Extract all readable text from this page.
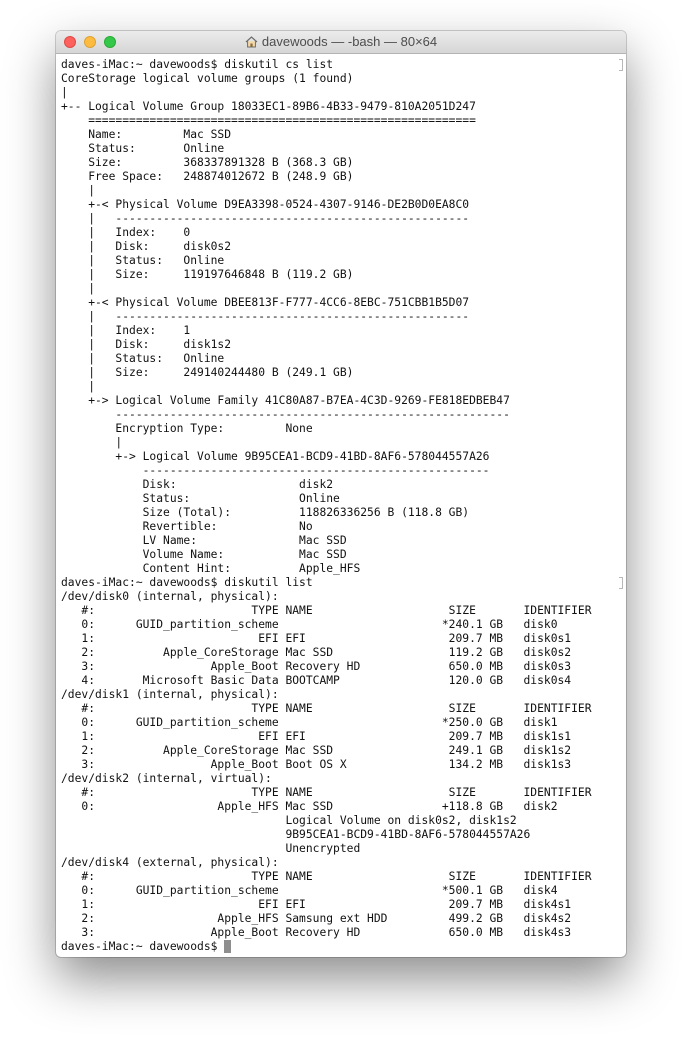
davewoods — -bash — 80×64
daves-iMac:~ davewoods$ diskutil cs list
CoreStorage logical volume groups (1 found)
|
+-- Logical Volume Group 18033EC1-89B6-4B33-9479-810A2051D247
=========================================================
Name:         Mac SSD
Status:       Online
Size:         368337891328 B (368.3 GB)
Free Space:   248874012672 B (248.9 GB)
|
+-< Physical Volume D9EA3398-0524-4307-9146-DE2B0D0EA8C0
|   ----------------------------------------------------
|   Index:    0
|   Disk:     disk0s2
|   Status:   Online
|   Size:     119197646848 B (119.2 GB)
|
+-< Physical Volume DBEE813F-F777-4CC6-8EBC-751CBB1B5D07
|   ----------------------------------------------------
|   Index:    1
|   Disk:     disk1s2
|   Status:   Online
|   Size:     249140244480 B (249.1 GB)
|
+-> Logical Volume Family 41C80A87-B7EA-4C3D-9269-FE818EDBEB47
----------------------------------------------------------
Encryption Type:         None
|
+-> Logical Volume 9B95CEA1-BCD9-41BD-8AF6-578044557A26
---------------------------------------------------
Disk:                  disk2
Status:                Online
Size (Total):          118826336256 B (118.8 GB)
Revertible:            No
LV Name:               Mac SSD
Volume Name:           Mac SSD
Content Hint:          Apple_HFS
daves-iMac:~ davewoods$ diskutil list
/dev/disk0 (internal, physical):
#:                       TYPE NAME                    SIZE       IDENTIFIER
0:      GUID_partition_scheme                        *240.1 GB   disk0
1:                        EFI EFI                     209.7 MB   disk0s1
2:          Apple_CoreStorage Mac SSD                 119.2 GB   disk0s2
3:                 Apple_Boot Recovery HD             650.0 MB   disk0s3
4:       Microsoft Basic Data BOOTCAMP                120.0 GB   disk0s4
/dev/disk1 (internal, physical):
#:                       TYPE NAME                    SIZE       IDENTIFIER
0:      GUID_partition_scheme                        *250.0 GB   disk1
1:                        EFI EFI                     209.7 MB   disk1s1
2:          Apple_CoreStorage Mac SSD                 249.1 GB   disk1s2
3:                 Apple_Boot Boot OS X               134.2 MB   disk1s3
/dev/disk2 (internal, virtual):
#:                       TYPE NAME                    SIZE       IDENTIFIER
0:                  Apple_HFS Mac SSD                +118.8 GB   disk2
Logical Volume on disk0s2, disk1s2
9B95CEA1-BCD9-41BD-8AF6-578044557A26
Unencrypted
/dev/disk4 (external, physical):
#:                       TYPE NAME                    SIZE       IDENTIFIER
0:      GUID_partition_scheme                        *500.1 GB   disk4
1:                        EFI EFI                     209.7 MB   disk4s1
2:                  Apple_HFS Samsung ext HDD         499.2 GB   disk4s2
3:                 Apple_Boot Recovery HD             650.0 MB   disk4s3
daves-iMac:~ davewoods$
